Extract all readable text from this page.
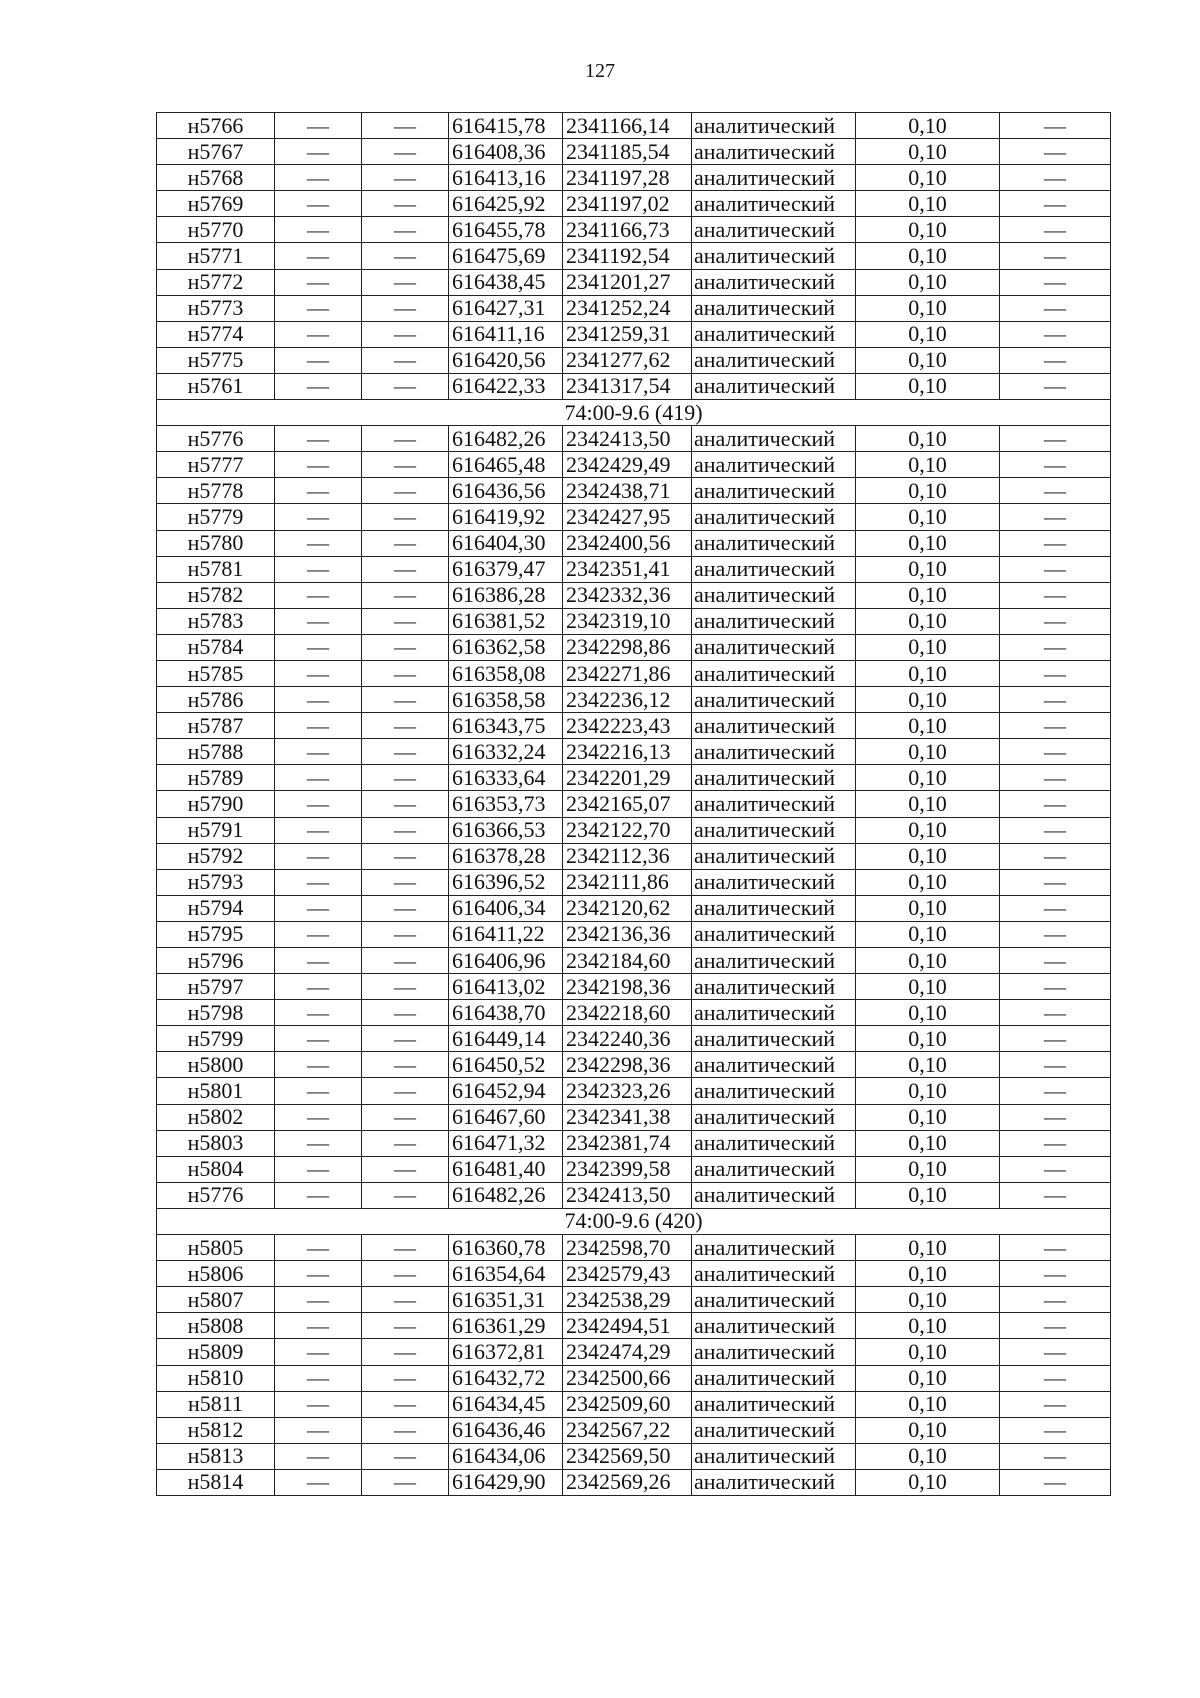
127
н5766	—	—	616415,78	2341166,14	аналитический	0,10	—
н5767	—	—	616408,36	2341185,54	аналитический	0,10	—
н5768	—	—	616413,16	2341197,28	аналитический	0,10	—
н5769	—	—	616425,92	2341197,02	аналитический	0,10	—
н5770	—	—	616455,78	2341166,73	аналитический	0,10	—
н5771	—	—	616475,69	2341192,54	аналитический	0,10	—
н5772	—	—	616438,45	2341201,27	аналитический	0,10	—
н5773	—	—	616427,31	2341252,24	аналитический	0,10	—
н5774	—	—	616411,16	2341259,31	аналитический	0,10	—
н5775	—	—	616420,56	2341277,62	аналитический	0,10	—
н5761	—	—	616422,33	2341317,54	аналитический	0,10	—
74:00-9.6 (419)							
н5776	—	—	616482,26	2342413,50	аналитический	0,10	—
н5777	—	—	616465,48	2342429,49	аналитический	0,10	—
н5778	—	—	616436,56	2342438,71	аналитический	0,10	—
н5779	—	—	616419,92	2342427,95	аналитический	0,10	—
н5780	—	—	616404,30	2342400,56	аналитический	0,10	—
н5781	—	—	616379,47	2342351,41	аналитический	0,10	—
н5782	—	—	616386,28	2342332,36	аналитический	0,10	—
н5783	—	—	616381,52	2342319,10	аналитический	0,10	—
н5784	—	—	616362,58	2342298,86	аналитический	0,10	—
н5785	—	—	616358,08	2342271,86	аналитический	0,10	—
н5786	—	—	616358,58	2342236,12	аналитический	0,10	—
н5787	—	—	616343,75	2342223,43	аналитический	0,10	—
н5788	—	—	616332,24	2342216,13	аналитический	0,10	—
н5789	—	—	616333,64	2342201,29	аналитический	0,10	—
н5790	—	—	616353,73	2342165,07	аналитический	0,10	—
н5791	—	—	616366,53	2342122,70	аналитический	0,10	—
н5792	—	—	616378,28	2342112,36	аналитический	0,10	—
н5793	—	—	616396,52	2342111,86	аналитический	0,10	—
н5794	—	—	616406,34	2342120,62	аналитический	0,10	—
н5795	—	—	616411,22	2342136,36	аналитический	0,10	—
н5796	—	—	616406,96	2342184,60	аналитический	0,10	—
н5797	—	—	616413,02	2342198,36	аналитический	0,10	—
н5798	—	—	616438,70	2342218,60	аналитический	0,10	—
н5799	—	—	616449,14	2342240,36	аналитический	0,10	—
н5800	—	—	616450,52	2342298,36	аналитический	0,10	—
н5801	—	—	616452,94	2342323,26	аналитический	0,10	—
н5802	—	—	616467,60	2342341,38	аналитический	0,10	—
н5803	—	—	616471,32	2342381,74	аналитический	0,10	—
н5804	—	—	616481,40	2342399,58	аналитический	0,10	—
н5776	—	—	616482,26	2342413,50	аналитический	0,10	—
74:00-9.6 (420)							
н5805	—	—	616360,78	2342598,70	аналитический	0,10	—
н5806	—	—	616354,64	2342579,43	аналитический	0,10	—
н5807	—	—	616351,31	2342538,29	аналитический	0,10	—
н5808	—	—	616361,29	2342494,51	аналитический	0,10	—
н5809	—	—	616372,81	2342474,29	аналитический	0,10	—
н5810	—	—	616432,72	2342500,66	аналитический	0,10	—
н5811	—	—	616434,45	2342509,60	аналитический	0,10	—
н5812	—	—	616436,46	2342567,22	аналитический	0,10	—
н5813	—	—	616434,06	2342569,50	аналитический	0,10	—
н5814	—	—	616429,90	2342569,26	аналитический	0,10	—
